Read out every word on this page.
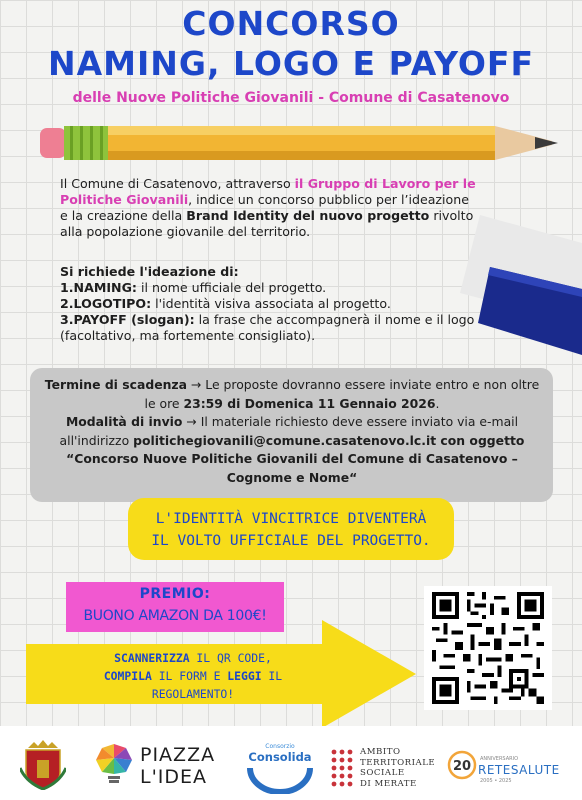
CONCORSO
NAMING, LOGO E PAYOFF
delle Nuove Politiche Giovanili - Comune di Casatenovo
Il Comune di Casatenovo, attraverso il Gruppo di Lavoro per le Politiche Giovanili, indice un concorso pubblico per l’ideazione e la creazione della Brand Identity del nuovo progetto rivolto alla popolazione giovanile del territorio.
Si richiede l'ideazione di:
1.NAMING: il nome ufficiale del progetto.
2.LOGOTIPO: l'identità visiva associata al progetto.
3.PAYOFF (slogan): la frase che accompagnerà il nome e il logo (facoltativo, ma fortemente consigliato).
Termine di scadenza → Le proposte dovranno essere inviate entro e non oltre le ore 23:59 di Domenica 11 Gennaio 2026.
Modalità di invio → Il materiale richiesto deve essere inviato via e-mail all'indirizzo politichegiovanili@comune.casatenovo.lc.it con oggetto
“Concorso Nuove Politiche Giovanili del Comune di Casatenovo –
Cognome e Nome“
L'IDENTITÀ VINCITRICE DIVENTERÀ
IL VOLTO UFFICIALE DEL PROGETTO.
PREMIO:
BUONO AMAZON DA 100€!
SCANNERIZZA IL QR CODE,
COMPILA IL FORM E LEGGI IL
REGOLAMENTO!
PIAZZA
L'IDEA
Consorzio
Consolida	AMBITO
TERRITORIALE
SOCIALE
DI MERATE
20 ANNIVERSARIO
RETESALUTE
2005 • 2025
